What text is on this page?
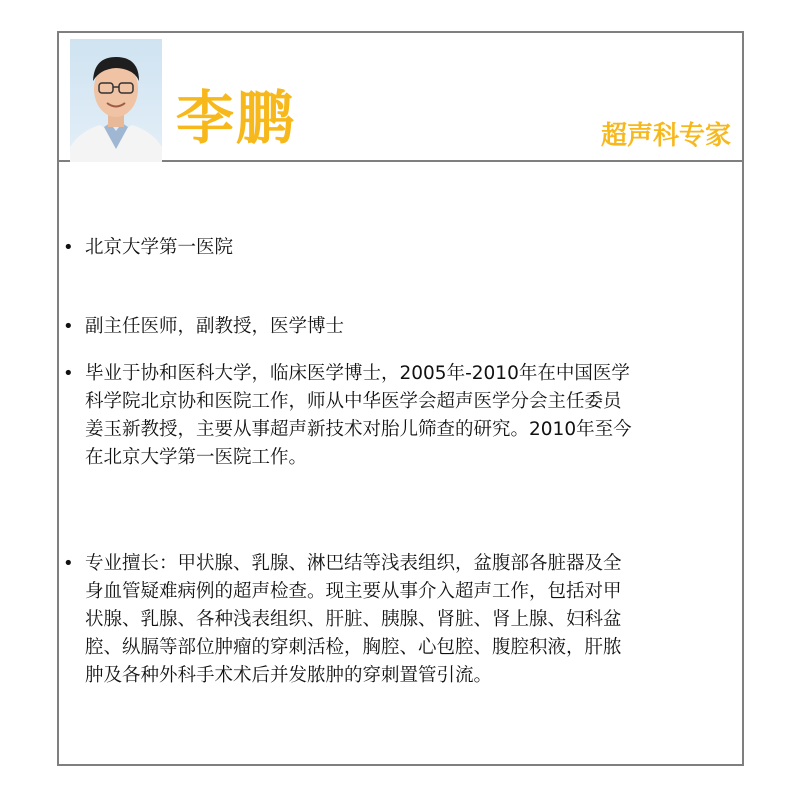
李鹏	超声科专家
• 北京大学第一医院
• 副主任医师，副教授，医学博士
• 毕业于协和医科大学，临床医学博士，2005年-2010年在中国医学
科学院北京协和医院工作，师从中华医学会超声医学分会主任委员
姜玉新教授，主要从事超声新技术对胎儿筛查的研究。2010年至今
在北京大学第一医院工作。
• 专业擅长：甲状腺、乳腺、淋巴结等浅表组织，盆腹部各脏器及全
身血管疑难病例的超声检查。现主要从事介入超声工作，包括对甲
状腺、乳腺、各种浅表组织、肝脏、胰腺、肾脏、肾上腺、妇科盆
腔、纵膈等部位肿瘤的穿刺活检，胸腔、心包腔、腹腔积液，肝脓
肿及各种外科手术术后并发脓肿的穿刺置管引流。
